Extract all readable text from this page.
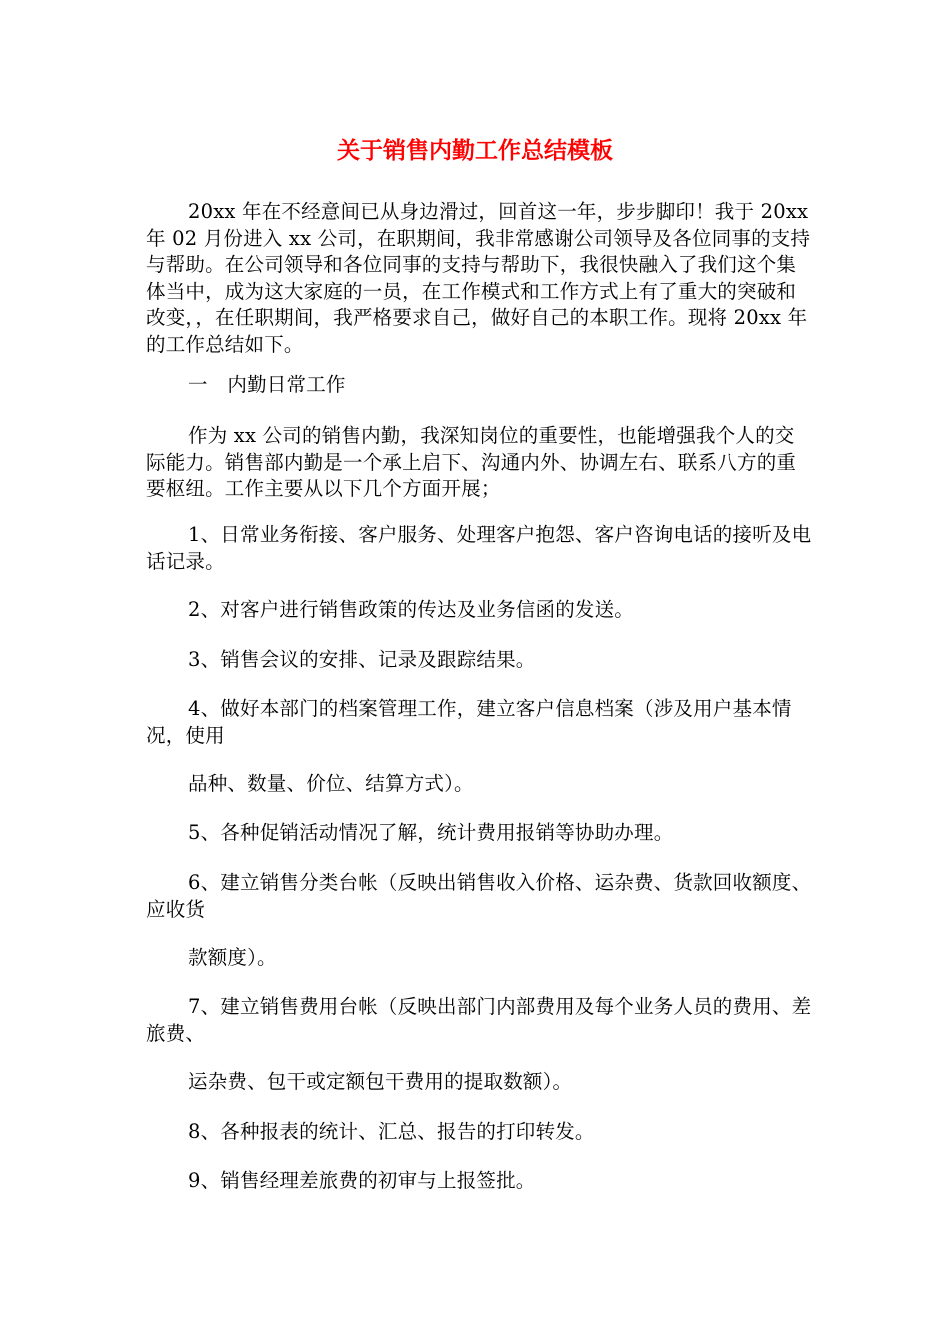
关于销售内勤工作总结模板

20xx 年在不经意间已从身边滑过，回首这一年，步步脚印！我于 20xx 年 02 月份进入 xx 公司，在职期间，我非常感谢公司领导及各位同事的支持与帮助。在公司领导和各位同事的支持与帮助下，我很快融入了我们这个集体当中，成为这大家庭的一员，在工作模式和工作方式上有了重大的突破和改变，，在任职期间，我严格要求自己，做好自己的本职工作。现将 20xx 年的工作总结如下。

一　内勤日常工作

作为 xx 公司的销售内勤，我深知岗位的重要性，也能增强我个人的交际能力。销售部内勤是一个承上启下、沟通内外、协调左右、联系八方的重要枢纽。工作主要从以下几个方面开展；

1、日常业务衔接、客户服务、处理客户抱怨、客户咨询电话的接听及电话记录。

2、对客户进行销售政策的传达及业务信函的发送。

3、销售会议的安排、记录及跟踪结果。

4、做好本部门的档案管理工作，建立客户信息档案（涉及用户基本情况，使用

品种、数量、价位、结算方式）。

5、各种促销活动情况了解，统计费用报销等协助办理。

6、建立销售分类台帐（反映出销售收入价格、运杂费、货款回收额度、应收货

款额度）。

7、建立销售费用台帐（反映出部门内部费用及每个业务人员的费用、差旅费、

运杂费、包干或定额包干费用的提取数额）。

8、各种报表的统计、汇总、报告的打印转发。

9、销售经理差旅费的初审与上报签批。
